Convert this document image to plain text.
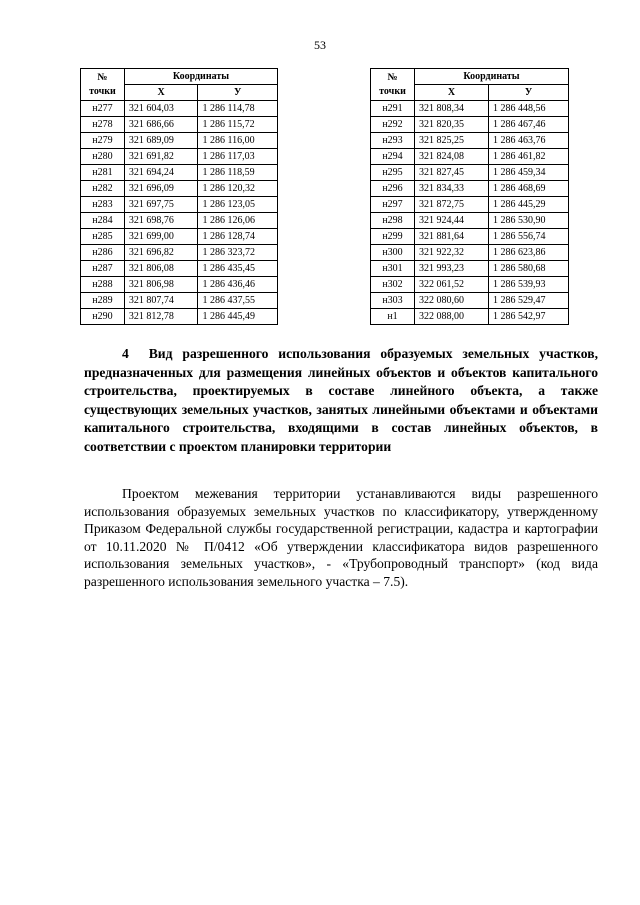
53
№
точки	Координаты	
	Х	У
н277	321 604,03	1 286 114,78
н278	321 686,66	1 286 115,72
н279	321 689,09	1 286 116,00
н280	321 691,82	1 286 117,03
н281	321 694,24	1 286 118,59
н282	321 696,09	1 286 120,32
н283	321 697,75	1 286 123,05
н284	321 698,76	1 286 126,06
н285	321 699,00	1 286 128,74
н286	321 696,82	1 286 323,72
н287	321 806,08	1 286 435,45
н288	321 806,98	1 286 436,46
н289	321 807,74	1 286 437,55
н290	321 812,78	1 286 445,49
№
точки	Координаты	
	Х	У
н291	321 808,34	1 286 448,56
н292	321 820,35	1 286 467,46
н293	321 825,25	1 286 463,76
н294	321 824,08	1 286 461,82
н295	321 827,45	1 286 459,34
н296	321 834,33	1 286 468,69
н297	321 872,75	1 286 445,29
н298	321 924,44	1 286 530,90
н299	321 881,64	1 286 556,74
н300	321 922,32	1 286 623,86
н301	321 993,23	1 286 580,68
н302	322 061,52	1 286 539,93
н303	322 080,60	1 286 529,47
н1	322 088,00	1 286 542,97
4 Вид разрешенного использования образуемых земельных участков, предназначенных для размещения линейных объектов и объектов капитального строительства, проектируемых в составе линейного объекта, а также существующих земельных участков, занятых линейными объектами и объектами капитального строительства, входящими в состав линейных объектов, в соответствии с проектом планировки территории
Проектом межевания территории устанавливаются виды разрешенного использования образуемых земельных участков по классификатору, утвержденному Приказом Федеральной службы государственной регистрации, кадастра и картографии от 10.11.2020 № П/0412 «Об утверждении классификатора видов разрешенного использования земельных участков», - «Трубопроводный транспорт» (код вида разрешенного использования земельного участка – 7.5).
